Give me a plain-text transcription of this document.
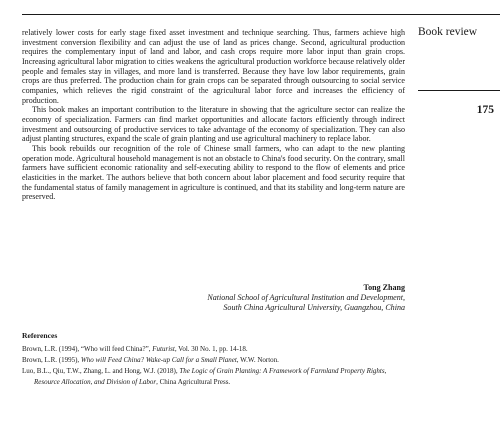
relatively lower costs for early stage fixed asset investment and technique searching. Thus, farmers achieve high investment conversion flexibility and can adjust the use of land as prices change. Second, agricultural production requires the complementary input of land and labor, and cash crops require more labor input than grain crops. Increasing agricultural labor migration to cities weakens the agricultural production workforce because relatively older people and females stay in villages, and more land is transferred. Because they have low labor requirements, grain crops are thus preferred. The production chain for grain crops can be separated through outsourcing to social service companies, which relieves the rigid constraint of the agricultural labor force and increases the efficiency of production.

This book makes an important contribution to the literature in showing that the agriculture sector can realize the economy of specialization. Farmers can find market opportunities and allocate factors efficiently through indirect investment and outsourcing of productive services to take advantage of the economy of specialization. They can also adjust planting structures, expand the scale of grain planting and use agricultural machinery to replace labor.

This book rebuilds our recognition of the role of Chinese small farmers, who can adapt to the new planting operation mode. Agricultural household management is not an obstacle to China's food security. On the contrary, small farmers have sufficient economic rationality and self-executing ability to respond to the flow of elements and price elasticities in the market. The authors believe that both concern about labor placement and food security require that the fundamental status of family management in agriculture is continued, and that its stability and long-term nature are preserved.

Book review
175
Tong Zhang
National School of Agricultural Institution and Development,
South China Agricultural University, Guangzhou, China
References
Brown, L.R. (1994), “Who will feed China?”, Futurist, Vol. 30 No. 1, pp. 14-18.
Brown, L.R. (1995), Who will Feed China? Wake-up Call for a Small Planet, W.W. Norton.
Luo, B.L., Qiu, T.W., Zhang, L. and Hong, W.J. (2018), The Logic of Grain Planting: A Framework of Farmland Property Rights, Resource Allocation, and Division of Labor, China Agricultural Press.
